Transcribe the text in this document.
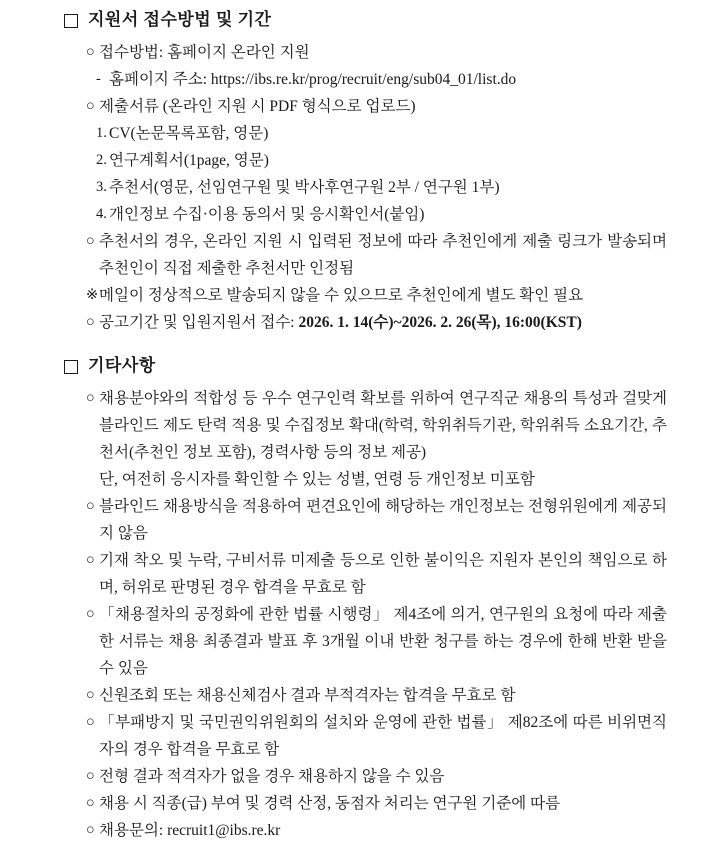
지원서 접수방법 및 기간
○ 접수방법: 홈페이지 온라인 지원
- 홈페이지 주소: https://ibs.re.kr/prog/recruit/eng/sub04_01/list.do
○ 제출서류 (온라인 지원 시 PDF 형식으로 업로드)
1. CV(논문목록포함, 영문)
2. 연구계획서(1page, 영문)
3. 추천서(영문, 선임연구원 및 박사후연구원 2부 / 연구원 1부)
4. 개인정보 수집·이용 동의서 및 응시확인서(붙임)
○ 추천서의 경우, 온라인 지원 시 입력된 정보에 따라 추천인에게 제출 링크가 발송되며 추천인이 직접 제출한 추천서만 인정됨
※ 메일이 정상적으로 발송되지 않을 수 있으므로 추천인에게 별도 확인 필요
○ 공고기간 및 입원지원서 접수: 2026. 1. 14(수)~2026. 2. 26(목), 16:00(KST)
기타사항
○ 채용분야와의 적합성 등 우수 연구인력 확보를 위하여 연구직군 채용의 특성과 걸맞게 블라인드 제도 탄력 적용 및 수집정보 확대(학력, 학위취득기관, 학위취득 소요기간, 추천서(추천인 정보 포함), 경력사항 등의 정보 제공)
단, 여전히 응시자를 확인할 수 있는 성별, 연령 등 개인정보 미포함
○ 블라인드 채용방식을 적용하여 편견요인에 해당하는 개인정보는 전형위원에게 제공되지 않음
○ 기재 착오 및 누락, 구비서류 미제출 등으로 인한 불이익은 지원자 본인의 책임으로 하며, 허위로 판명된 경우 합격을 무효로 함
○ 「채용절차의 공정화에 관한 법률 시행령」 제4조에 의거, 연구원의 요청에 따라 제출한 서류는 채용 최종결과 발표 후 3개월 이내 반환 청구를 하는 경우에 한해 반환 받을 수 있음
○ 신원조회 또는 채용신체검사 결과 부적격자는 합격을 무효로 함
○ 「부패방지 및 국민권익위원회의 설치와 운영에 관한 법률」 제82조에 따른 비위면직자의 경우 합격을 무효로 함
○ 전형 결과 적격자가 없을 경우 채용하지 않을 수 있음
○ 채용 시 직종(급) 부여 및 경력 산정, 동점자 처리는 연구원 기준에 따름
○ 채용문의: recruit1@ibs.re.kr
